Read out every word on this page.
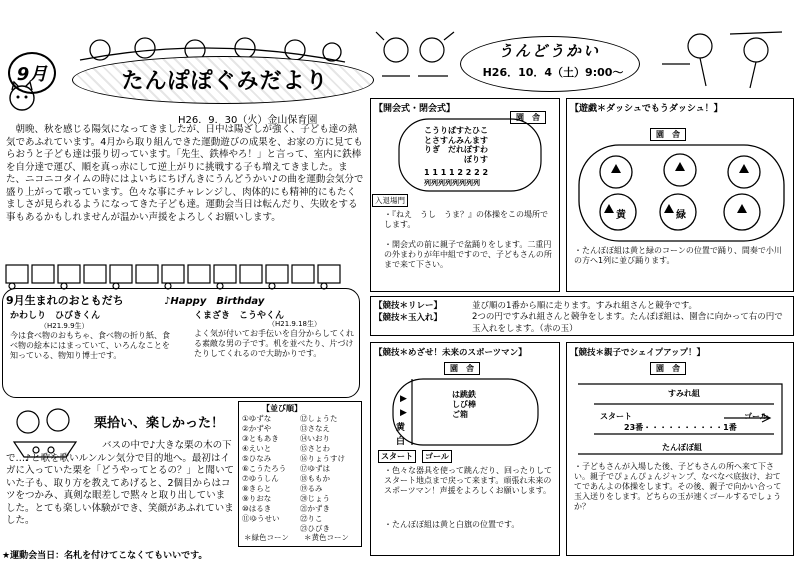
9月	たんぽぽぐみだより
H26．9．30（火）金山保育園
　朝晩、秋を感じる陽気になってきましたが、日中は陽ざしが強く、子ども達の熱気であふれています。4月から取り組んできた運動遊びの成果を、お家の方に見てもらおうと子ども達は張り切っています。「先生、鉄棒やろ！」と言って、室内に鉄棒を自分達で運び、順を真っ赤にして逆上がりに挑戦する子も増えてきました。また、ニコニコタイムの時にはよいちにちげんきにうんどうかい♪の曲を運動会気分で盛り上がって歌っています。色々な事にチャレンジし、肉体的にも精神的にもたくましさが見られるようになってきた子ども達。運動会当日は転んだり、失敗をする事もあるかもしれませんが温かい声援をよろしくお願いします。
9月生まれのおともだち	♪Happy　Birthday
かわしり　ひびきくん
（H21.9.9生）
今は食べ物のおもちゃ、食べ物の折り紙、食べ物の絵本にはまっていて、いろんなことを知っている、物知り博士です。
くまざき　こうやくん
（H21.9.18生）
よく気が付いてお手伝いを自分からしてくれる素敵な男の子です。机を並べたり、片づけたりしてくれるので大助かりです。
栗拾い、楽しかった！
バスの中で♪大きな栗の木の下で…♪と歌を歌いルンルン気分で目的地へ。最初はイガに入っていた栗を「どうやってとるの？」と聞いていた子も、取り方を教えてあげると、2個目からはコツをつかみ、真剣な眼差しで黙々と取り出していました。とても楽しい体験ができ、笑顔があふれていました。
【並び順】
①ゆずな
②かずや
③ともあき
④えいと
⑤ひなみ
⑥こうたろう
⑦ゆうしん
⑧きらと
⑨りおな
⑩はるき
⑪ゆうせい
⑫しょうた
⑬さなえ
⑭いおり
⑮さとわ
⑯りょうすけ
⑰ゆずは
⑱ももか
⑲るみ
⑳じょう
㉑かずき
㉒りこ
㉓ひびき
＊緑色コーン ＊黄色コーン
★運動会当日：名札を付けてこなくてもいいです。
うんどうかい
H26．10．4（土）9:00～
【開会式・閉会式】
園　舎
こうりばすたひこ
とさすんみんます
りぎ　だれぽすわ
　　　　　ぼりす
1 1 1 1 2 2 2 2
列列列列列列列列
入退場門
・『ねえ　うし　うま？』の体操をこの場所でします。
・開会式の前に親子で盆踊りをします。二重円の外まわりが年中組ですので、子どもさんの所まで来て下さい。
【遊戯＊ダッシュでもうダッシュ！】
園　舎
黄	緑
・たんぽぽ組は黄と緑のコーンの位置で踊り、間奏で小川の方へ1列に並び踊ります。
【競技＊リレー】	並び順の1番から順に走ります。すみれ組さんと競争です。
【競技＊玉入れ】	2つの円ですみれ組さんと競争をします。たんぽぽ組は、園舎に向かって右の円で玉入れをします。（赤の玉）
【競技＊めざせ！未来のスポーツマン】
園　舎
は跳鉄
しび棒
ご箱
▶
▶
黄
白
スタート	ゴール
・色々な器具を使って跳んだり、回ったりしてスタート地点まで戻って来ます。頑張れ未来のスポーツマン！声援をよろしくお願いします。
・たんぽぽ組は黄と白旗の位置です。
【競技＊親子でシェイプアップ！】
園　舎
すみれ組
スタート	ゴール
23番・・・・・・・・・・1番
たんぽぽ組
・子どもさんが入場した後、子どもさんの所へ来て下さい。親子でぴょんぴょんジャンプ、なべなべ底抜け、おててであんよの体操をします。その後、親子で向かい合って玉入送りをします。どちらの玉が速くゴールするでしょうか？
